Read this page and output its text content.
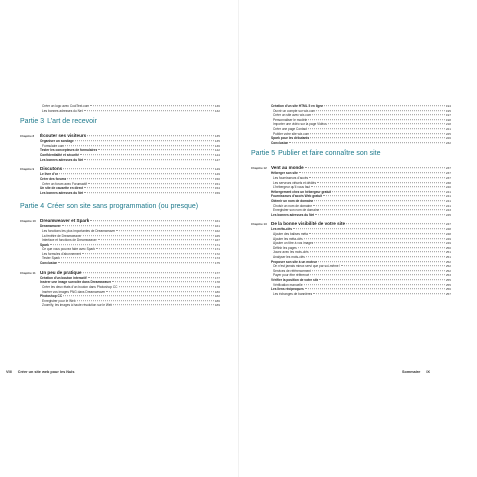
Créer un logo avec CoolText.com	136
Les bonnes adresses du Net	132
Partie 3 L’art de recevoir
Chapitre 8	Écouter ses visiteurs	135
Organiser un sondage	135
Formulaire com	136
Tester les concepteurs de formulaires	142
Confidentialité et sécurité	144
Les bonnes adresses du Net	147
Chapitre 9	Discutons	149
Le livre d’or	149
Créer des forums	150
Créer un forum avec Forumactif	151
Un site de causette en direct	154
Les bonnes adresses du Net	159
Partie 4 Créer son site sans programmation (ou presque)
Chapitre 10 Dreamweaver et Spark	161
Dreamweaver	161
Les fonctions les plus importantes de Dreamweaver	162
La fenêtre de Dreamweaver	165
Interface et fonctions de Dreamweaver	167
Spark	171
Ce que vous pouvez faire avec Spark	171
Les formules d’abonnement	172
Tester Spark	173
Conclusion	175
Chapitre 11 Un peu de pratique	177
Création d’un bouton interactif	177
Insérer une image survolée dans Dreamweaver	178
Créer les deux états d’un bouton dans Photoshop CC	178
Insérer vos images PNG dans Dreamweaver	180
Photoshop CC	182
Enregistrer pour le Web	186
Zoomify, les images à haute résolution sur le Web	189
Création d’un site HTML 5 en ligne	194
Ouvrir un compte sur wix.com	195
Créer un site avec wix.com	197
Personnaliser le modèle	198
Importer une vidéo sur la page Vidéos	218
Créer une page Contact	221
Publier votre site wix.com	225
Spark pour les débutants	226
Conclusion	232
Partie 5 Publier et faire connaître son site
Chapitre 12 Vent au monde	237
Héberger son site	237
Les fournisseurs d’accès	237
Les serveurs virtuels et dédiés	238
L’hébergeur qu’il vous faut	240
Hébergement chez un hébergeur gratuit	241
Fournisseurs d’accès Web gratuit	241
Obtenir un nom de domaine	241
Choisir un nom de domaine	241
Enregistrer son nom de domaine	243
Les bonnes adresses du Net	245
Chapitre 13 De la bonne visibilité de votre site	247
Les méta-clés	248
Ajouter des balises méta	248
Ajouter les méta-clés	249
Ajouter un titre à vos images	249
Définir les pages	250
Jouez avec les mots-clés	251
Analyser les mots-clés	251
Proposer son site à un moteur	252
On n’est jamais mieux servi que par soi-même !	252
Services de référencement	252
Payer pour être référencé	253
Vérifier la position de votre site	255
Vérification manuelle	255
Les liens réciproques	256
Les échanges de bannières	257
VIII Créer un site web pour les Nuls	Sommaire IX
